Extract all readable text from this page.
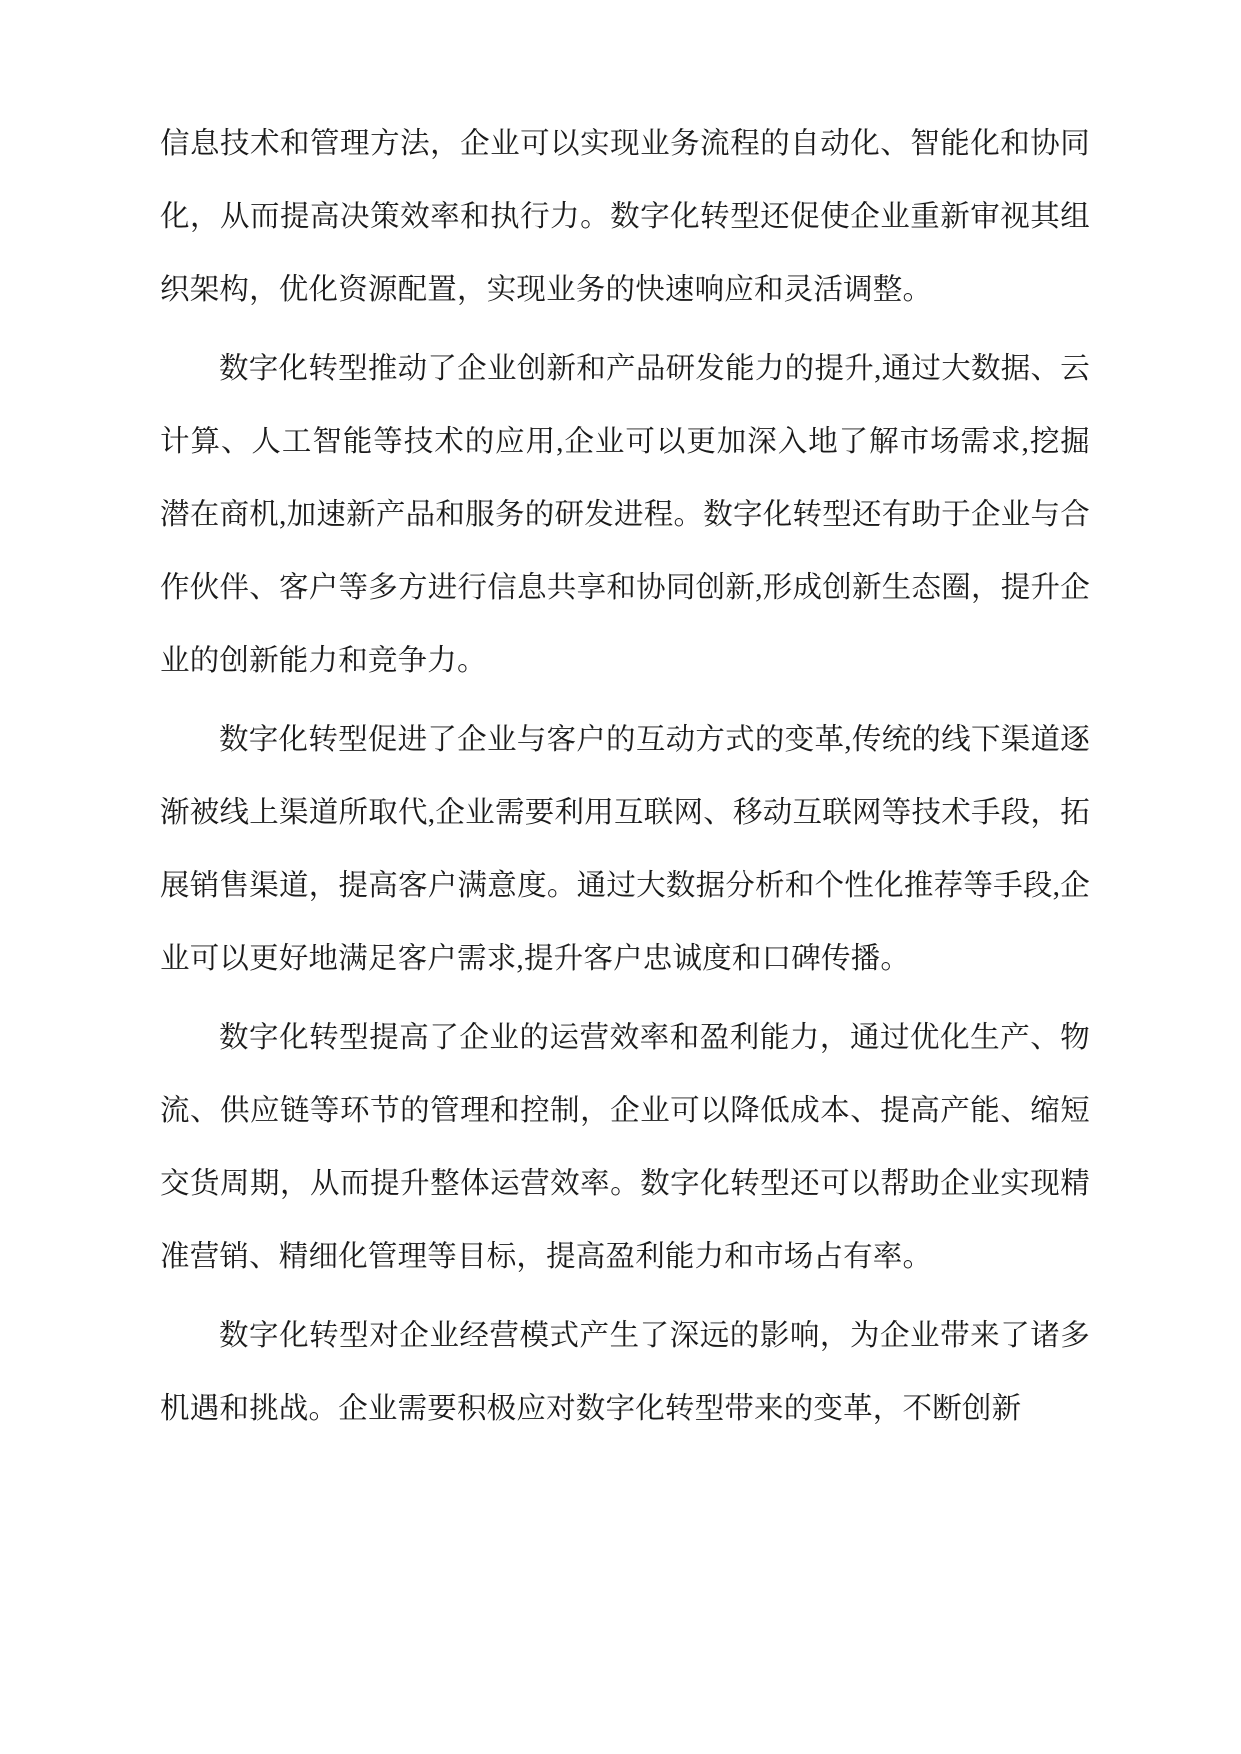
信息技术和管理方法，企业可以实现业务流程的自动化、智能化和协同化，从而提高决策效率和执行力。数字化转型还促使企业重新审视其组织架构，优化资源配置，实现业务的快速响应和灵活调整。

数字化转型推动了企业创新和产品研发能力的提升,通过大数据、云计算、人工智能等技术的应用,企业可以更加深入地了解市场需求,挖掘潜在商机,加速新产品和服务的研发进程。数字化转型还有助于企业与合作伙伴、客户等多方进行信息共享和协同创新,形成创新生态圈，提升企业的创新能力和竞争力。

数字化转型促进了企业与客户的互动方式的变革,传统的线下渠道逐渐被线上渠道所取代,企业需要利用互联网、移动互联网等技术手段，拓展销售渠道，提高客户满意度。通过大数据分析和个性化推荐等手段,企业可以更好地满足客户需求,提升客户忠诚度和口碑传播。

数字化转型提高了企业的运营效率和盈利能力，通过优化生产、物流、供应链等环节的管理和控制，企业可以降低成本、提高产能、缩短交货周期，从而提升整体运营效率。数字化转型还可以帮助企业实现精准营销、精细化管理等目标，提高盈利能力和市场占有率。

数字化转型对企业经营模式产生了深远的影响，为企业带来了诸多机遇和挑战。企业需要积极应对数字化转型带来的变革，不断创新
